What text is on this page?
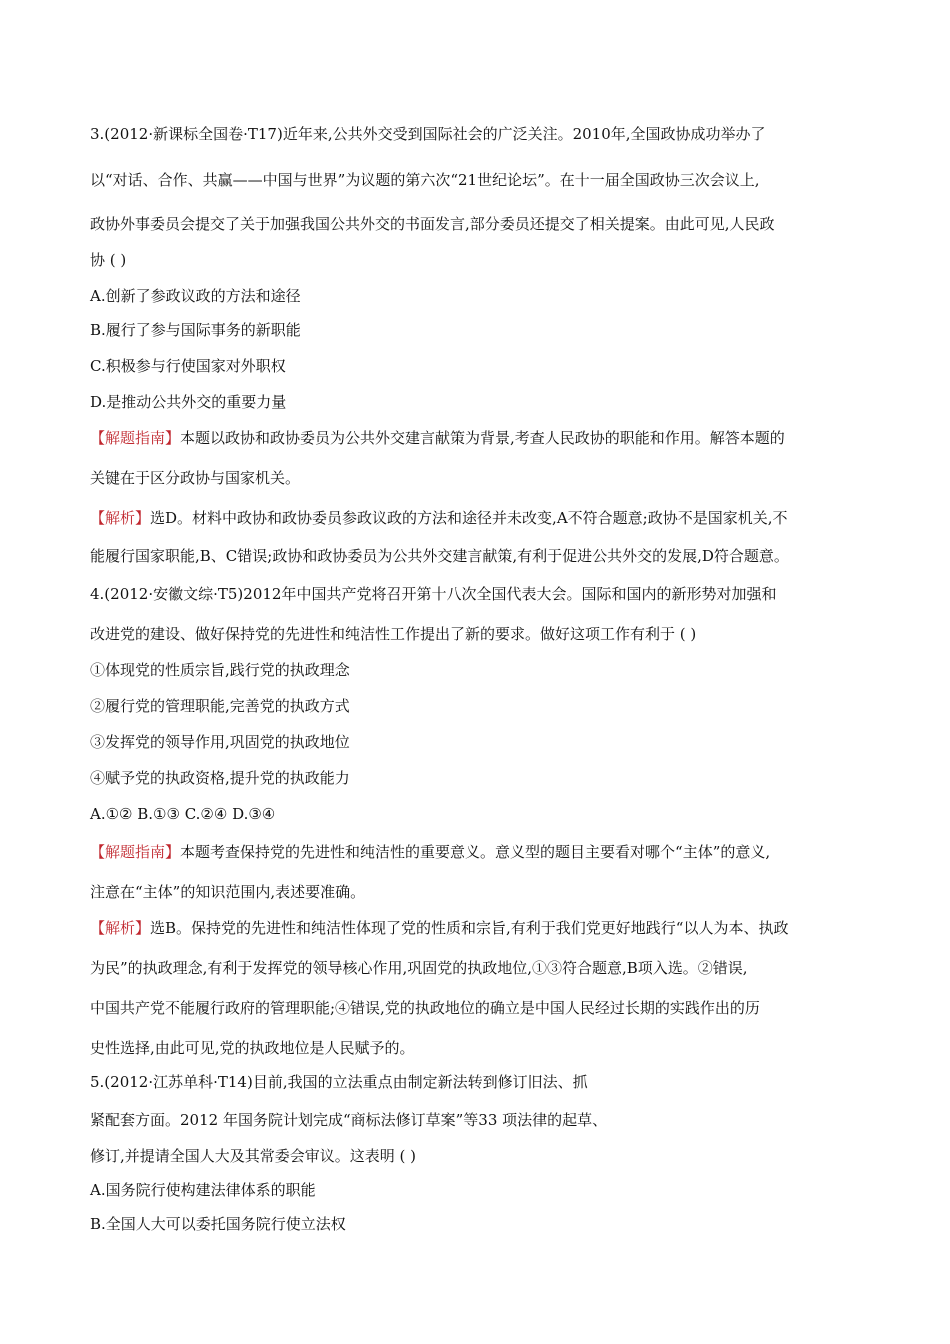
3.(2012·新课标全国卷·T17)近年来,公共外交受到国际社会的广泛关注。2010年,全国政协成功举办了
以“对话、合作、共赢——中国与世界”为议题的第六次“21世纪论坛”。在十一届全国政协三次会议上,
政协外事委员会提交了关于加强我国公共外交的书面发言,部分委员还提交了相关提案。由此可见,人民政
协 ( )
A.创新了参政议政的方法和途径
B.履行了参与国际事务的新职能
C.积极参与行使国家对外职权
D.是推动公共外交的重要力量
【解题指南】本题以政协和政协委员为公共外交建言献策为背景,考查人民政协的职能和作用。解答本题的
关键在于区分政协与国家机关。
【解析】选D。材料中政协和政协委员参政议政的方法和途径并未改变,A不符合题意;政协不是国家机关,不
能履行国家职能,B、C错误;政协和政协委员为公共外交建言献策,有利于促进公共外交的发展,D符合题意。
4.(2012·安徽文综·T5)2012年中国共产党将召开第十八次全国代表大会。国际和国内的新形势对加强和
改进党的建设、做好保持党的先进性和纯洁性工作提出了新的要求。做好这项工作有利于 ( )
①体现党的性质宗旨,践行党的执政理念
②履行党的管理职能,完善党的执政方式
③发挥党的领导作用,巩固党的执政地位
④赋予党的执政资格,提升党的执政能力
A.①② B.①③ C.②④ D.③④
【解题指南】本题考查保持党的先进性和纯洁性的重要意义。意义型的题目主要看对哪个“主体”的意义,
注意在“主体”的知识范围内,表述要准确。
【解析】选B。保持党的先进性和纯洁性体现了党的性质和宗旨,有利于我们党更好地践行“以人为本、执政
为民”的执政理念,有利于发挥党的领导核心作用,巩固党的执政地位,①③符合题意,B项入选。②错误,
中国共产党不能履行政府的管理职能;④错误,党的执政地位的确立是中国人民经过长期的实践作出的历
史性选择,由此可见,党的执政地位是人民赋予的。
5.(2012·江苏单科·T14)目前,我国的立法重点由制定新法转到修订旧法、抓
紧配套方面。2012 年国务院计划完成“商标法修订草案”等33 项法律的起草、
修订,并提请全国人大及其常委会审议。这表明 ( )
A.国务院行使构建法律体系的职能
B.全国人大可以委托国务院行使立法权
